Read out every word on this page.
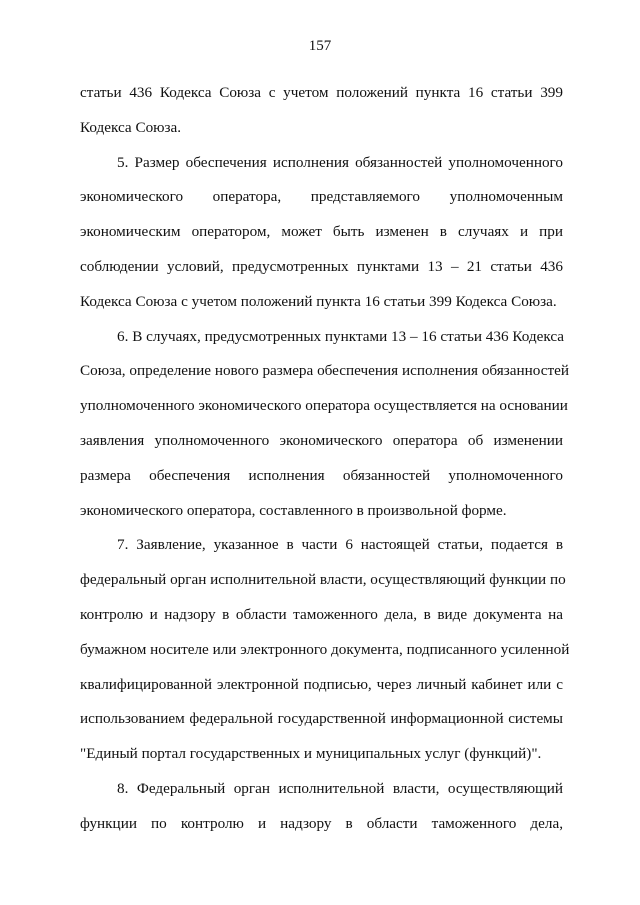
157
статьи 436 Кодекса Союза с учетом положений пункта 16 статьи 399
Кодекса Союза.
5. Размер обеспечения исполнения обязанностей уполномоченного
экономического оператора, представляемого уполномоченным
экономическим оператором, может быть изменен в случаях и при
соблюдении условий, предусмотренных пунктами 13 – 21 статьи 436
Кодекса Союза с учетом положений пункта 16 статьи 399 Кодекса Союза.
6. В случаях, предусмотренных пунктами 13 – 16 статьи 436 Кодекса
Союза, определение нового размера обеспечения исполнения обязанностей
уполномоченного экономического оператора осуществляется на основании
заявления уполномоченного экономического оператора об изменении
размера обеспечения исполнения обязанностей уполномоченного
экономического оператора, составленного в произвольной форме.
7. Заявление, указанное в части 6 настоящей статьи, подается в
федеральный орган исполнительной власти, осуществляющий функции по
контролю и надзору в области таможенного дела, в виде документа на
бумажном носителе или электронного документа, подписанного усиленной
квалифицированной электронной подписью, через личный кабинет или с
использованием федеральной государственной информационной системы
"Единый портал государственных и муниципальных услуг (функций)".
8. Федеральный орган исполнительной власти, осуществляющий
функции по контролю и надзору в области таможенного дела,
